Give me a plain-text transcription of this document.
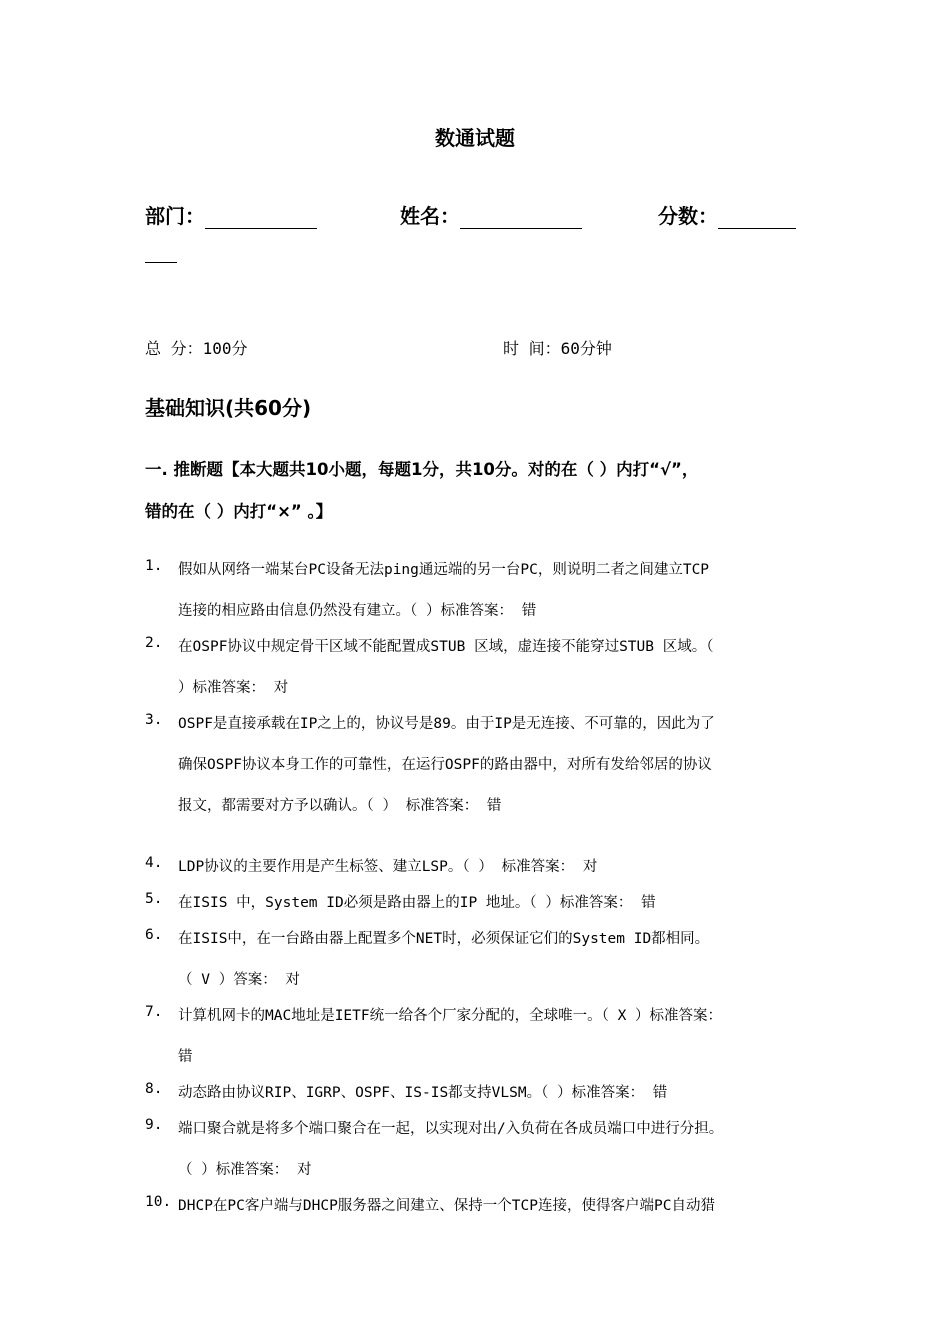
数通试题
部门：	姓名：	分数：
总 分：100分	时 间：60分钟
基础知识(共60分)
一. 推断题【本大题共10小题，每题1分，共10分。对的在（ ）内打“√”，
错的在（ ）内打“×” 。】
1. 假如从网络一端某台PC设备无法ping通远端的另一台PC，则说明二者之间建立TCP
连接的相应路由信息仍然没有建立。（ ）标准答案： 错
2. 在OSPF协议中规定骨干区域不能配置成STUB 区域，虚连接不能穿过STUB 区域。（
）标准答案： 对
3. OSPF是直接承载在IP之上的，协议号是89。由于IP是无连接、不可靠的，因此为了
确保OSPF协议本身工作的可靠性，在运行OSPF的路由器中，对所有发给邻居的协议
报文，都需要对方予以确认。（ ） 标准答案： 错
4. LDP协议的主要作用是产生标签、建立LSP。（ ） 标准答案： 对
5. 在ISIS 中，System ID必须是路由器上的IP 地址。（ ）标准答案： 错
6. 在ISIS中，在一台路由器上配置多个NET时，必须保证它们的System ID都相同。
（ V ）答案： 对
7. 计算机网卡的MAC地址是IETF统一给各个厂家分配的，全球唯一。（ X ）标准答案：
错
8. 动态路由协议RIP、IGRP、OSPF、IS-IS都支持VLSM。（ ）标准答案： 错
9. 端口聚合就是将多个端口聚合在一起，以实现对出/入负荷在各成员端口中进行分担。
（ ）标准答案： 对
10. DHCP在PC客户端与DHCP服务器之间建立、保持一个TCP连接，使得客户端PC自动猎
